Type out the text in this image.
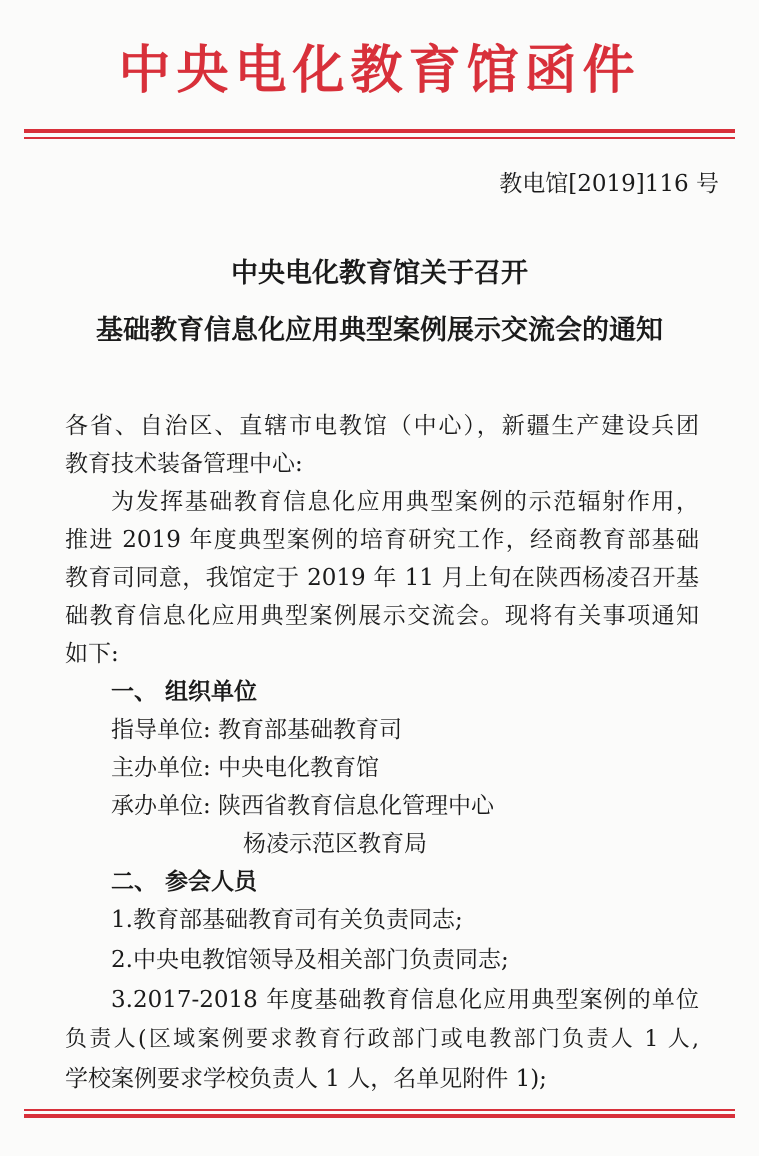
中央电化教育馆函件
教电馆[2019]116 号
中央电化教育馆关于召开
基础教育信息化应用典型案例展示交流会的通知
各省、自治区、直辖市电教馆（中心），新疆生产建设兵团
教育技术装备管理中心:
为发挥基础教育信息化应用典型案例的示范辐射作用，
推进 2019 年度典型案例的培育研究工作，经商教育部基础
教育司同意，我馆定于 2019 年 11 月上旬在陕西杨凌召开基
础教育信息化应用典型案例展示交流会。现将有关事项通知
如下:
一、 组织单位
指导单位: 教育部基础教育司
主办单位: 中央电化教育馆
承办单位: 陕西省教育信息化管理中心
杨凌示范区教育局
二、 参会人员
1.教育部基础教育司有关负责同志;
2.中央电教馆领导及相关部门负责同志;
3.2017-2018 年度基础教育信息化应用典型案例的单位
负责人(区域案例要求教育行政部门或电教部门负责人 1 人,
学校案例要求学校负责人 1 人，名单见附件 1);
